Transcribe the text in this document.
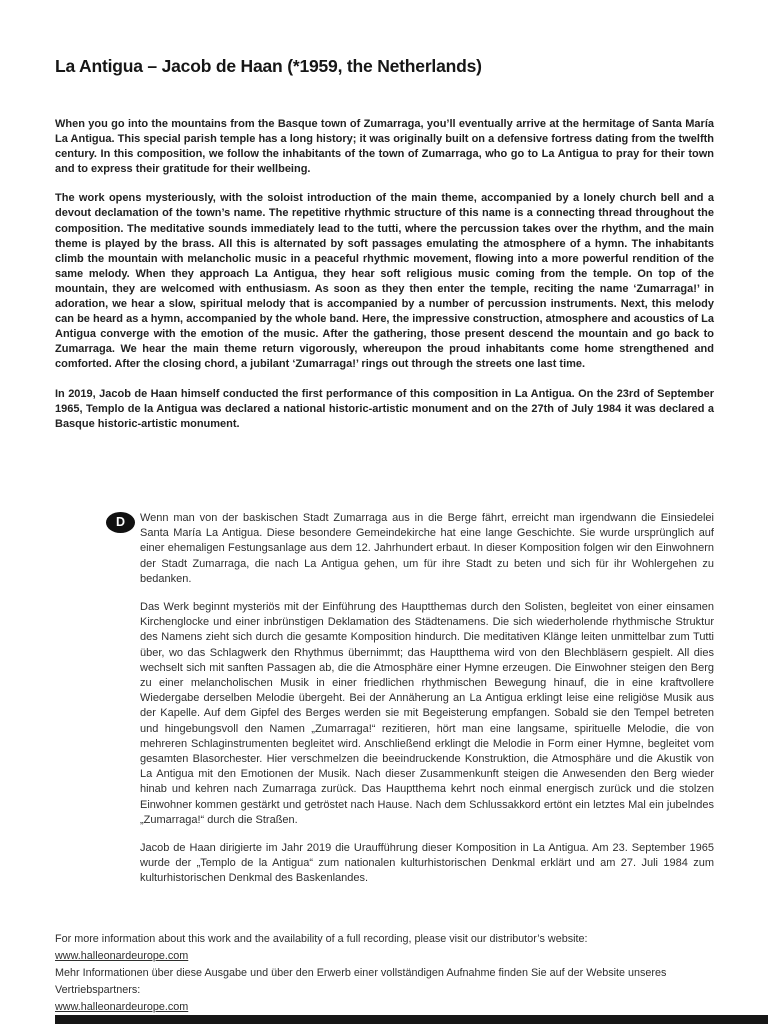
La Antigua – Jacob de Haan (*1959, the Netherlands)

When you go into the mountains from the Basque town of Zumarraga, you’ll eventually arrive at the hermitage of Santa María La Antigua. This special parish temple has a long history; it was originally built on a defensive fortress dating from the twelfth century. In this composition, we follow the inhabitants of the town of Zumarraga, who go to La Antigua to pray for their town and to express their gratitude for their wellbeing.

The work opens mysteriously, with the soloist introduction of the main theme, accompanied by a lonely church bell and a devout declamation of the town’s name. The repetitive rhythmic structure of this name is a connecting thread throughout the composition. The meditative sounds immediately lead to the tutti, where the percussion takes over the rhythm, and the main theme is played by the brass. All this is alternated by soft passages emulating the atmosphere of a hymn. The inhabitants climb the mountain with melancholic music in a peaceful rhythmic movement, flowing into a more powerful rendition of the same melody. When they approach La Antigua, they hear soft religious music coming from the temple. On top of the mountain, they are welcomed with enthusiasm. As soon as they then enter the temple, reciting the name ‘Zumarraga!’ in adoration, we hear a slow, spiritual melody that is accompanied by a number of percussion instruments. Next, this melody can be heard as a hymn, accompanied by the whole band. Here, the impressive construction, atmosphere and acoustics of La Antigua converge with the emotion of the music. After the gathering, those present descend the mountain and go back to Zumarraga. We hear the main theme return vigorously, whereupon the proud inhabitants come home strengthened and comforted. After the closing chord, a jubilant ‘Zumarraga!’ rings out through the streets one last time.

In 2019, Jacob de Haan himself conducted the first performance of this composition in La Antigua. On the 23rd of September 1965, Templo de la Antigua was declared a national historic-artistic monument and on the 27th of July 1984 it was declared a Basque historic-artistic monument.

D	Wenn man von der baskischen Stadt Zumarraga aus in die Berge fährt, erreicht man irgendwann die Einsiedelei Santa María La Antigua. Diese besondere Gemeindekirche hat eine lange Geschichte. Sie wurde ursprünglich auf einer ehemaligen Festungsanlage aus dem 12. Jahrhundert erbaut. In dieser Komposition folgen wir den Einwohnern der Stadt Zumarraga, die nach La Antigua gehen, um für ihre Stadt zu beten und sich für ihr Wohlergehen zu bedanken.

Das Werk beginnt mysteriös mit der Einführung des Hauptthemas durch den Solisten, begleitet von einer einsamen Kirchenglocke und einer inbrünstigen Deklamation des Städtenamens. Die sich wiederholende rhythmische Struktur des Namens zieht sich durch die gesamte Komposition hindurch. Die meditativen Klänge leiten unmittelbar zum Tutti über, wo das Schlagwerk den Rhythmus übernimmt; das Hauptthema wird von den Blechbläsern gespielt. All dies wechselt sich mit sanften Passagen ab, die die Atmosphäre einer Hymne erzeugen. Die Einwohner steigen den Berg zu einer melancholischen Musik in einer friedlichen rhythmischen Bewegung hinauf, die in eine kraftvollere Wiedergabe derselben Melodie übergeht. Bei der Annäherung an La Antigua erklingt leise eine religiöse Musik aus der Kapelle. Auf dem Gipfel des Berges werden sie mit Begeisterung empfangen. Sobald sie den Tempel betreten und hingebungsvoll den Namen „Zumarraga!“ rezitieren, hört man eine langsame, spirituelle Melodie, die von mehreren Schlaginstrumenten begleitet wird. Anschließend erklingt die Melodie in Form einer Hymne, begleitet vom gesamten Blasorchester. Hier verschmelzen die beeindruckende Konstruktion, die Atmosphäre und die Akustik von La Antigua mit den Emotionen der Musik. Nach dieser Zusammenkunft steigen die Anwesenden den Berg wieder hinab und kehren nach Zumarraga zurück. Das Hauptthema kehrt noch einmal energisch zurück und die stolzen Einwohner kommen gestärkt und getröstet nach Hause. Nach dem Schlussakkord ertönt ein letztes Mal ein jubelndes „Zumarraga!“ durch die Straßen.

Jacob de Haan dirigierte im Jahr 2019 die Uraufführung dieser Komposition in La Antigua. Am 23. September 1965 wurde der „Templo de la Antigua“ zum nationalen kulturhistorischen Denkmal erklärt und am 27. Juli 1984 zum kulturhistorischen Denkmal des Baskenlandes.

For more information about this work and the availability of a full recording, please visit our distributor’s website: www.halleonardeurope.com
Mehr Informationen über diese Ausgabe und über den Erwerb einer vollständigen Aufnahme finden Sie auf der Website unseres Vertriebspartners:
www.halleonardeurope.com
